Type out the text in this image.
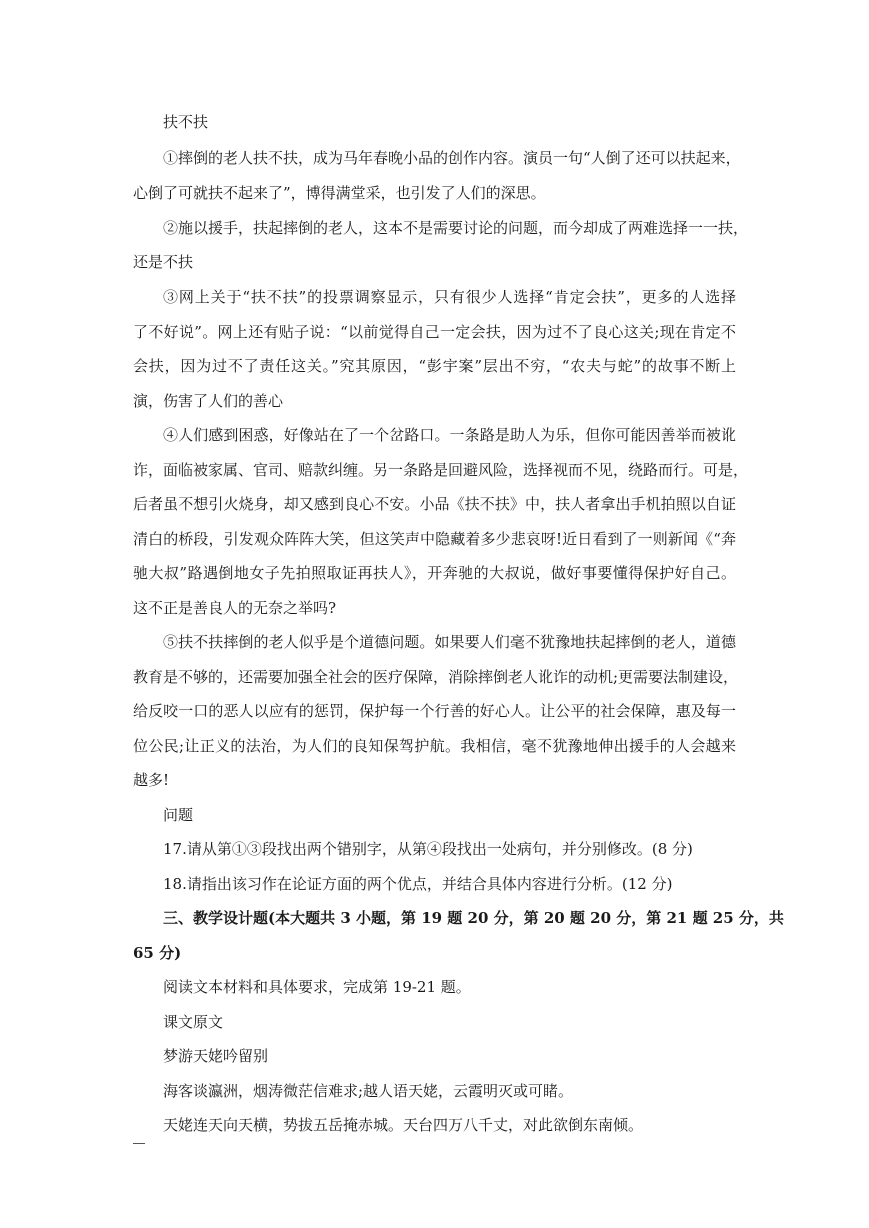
扶不扶
①摔倒的老人扶不扶，成为马年春晚小品的创作内容。演员一句“人倒了还可以扶起来，
心倒了可就扶不起来了”，博得满堂采，也引发了人们的深思。
②施以援手，扶起摔倒的老人，这本不是需要讨论的问题，而今却成了两难选择一一扶，
还是不扶
③网上关于“扶不扶”的投票调察显示，只有很少人选择“肯定会扶”，更多的人选择
了不好说”。网上还有贴子说：“以前觉得自己一定会扶，因为过不了良心这关;现在肯定不
会扶，因为过不了责任这关。”究其原因，“彭宇案”层出不穷，“农夫与蛇”的故事不断上
演，伤害了人们的善心
④人们感到困惑，好像站在了一个岔路口。一条路是助人为乐，但你可能因善举而被讹
诈，面临被家属、官司、赔款纠缠。另一条路是回避风险，选择视而不见，绕路而行。可是，
后者虽不想引火烧身，却又感到良心不安。小品《扶不扶》中，扶人者拿出手机拍照以自证
清白的桥段，引发观众阵阵大笑，但这笑声中隐藏着多少悲哀呀!近日看到了一则新闻《“奔
驰大叔”路遇倒地女子先拍照取证再扶人》，开奔驰的大叔说，做好事要懂得保护好自己。
这不正是善良人的无奈之举吗?
⑤扶不扶摔倒的老人似乎是个道德问题。如果要人们毫不犹豫地扶起摔倒的老人，道德
教育是不够的，还需要加强全社会的医疗保障，消除摔倒老人讹诈的动机;更需要法制建设，
给反咬一口的恶人以应有的惩罚，保护每一个行善的好心人。让公平的社会保障，惠及每一
位公民;让正义的法治，为人们的良知保驾护航。我相信，毫不犹豫地伸出援手的人会越来
越多!
问题
17.请从第①③段找出两个错别字，从第④段找出一处病句，并分别修改。(8 分)
18.请指出该习作在论证方面的两个优点，并结合具体内容进行分析。(12 分)
三、教学设计题(本大题共 3 小题，第 19 题 20 分，第 20 题 20 分，第 21 题 25 分，共
65 分)
阅读文本材料和具体要求，完成第 19-21 题。
课文原文
梦游天姥吟留别
海客谈瀛洲，烟涛微茫信难求;越人语天姥，云霞明灭或可睹。
天姥连天向天横，势拔五岳掩赤城。天台四万八千丈，对此欲倒东南倾。
